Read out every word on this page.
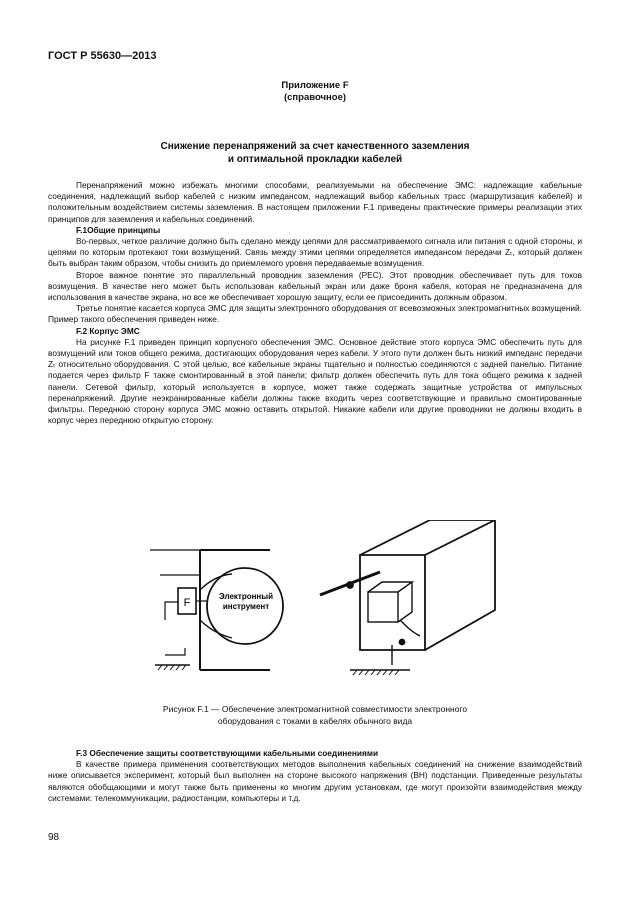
ГОСТ Р 55630—2013
Приложение F
(справочное)
Снижение перенапряжений за счет качественного заземления
и оптимальной прокладки кабелей

Перенапряжений можно избежать многими способами, реализуемыми на обеспечение ЭМС: надлежащие кабельные соединения, надлежащий выбор кабелей с низким импедансом, надлежащий выбор кабельных трасс (маршрутизация кабелей) и положительным воздействием системы заземления. В настоящем приложении F.1 приведены практические примеры реализации этих принципов для заземления и кабельных соединений.

F.1Общие принципы

Во-первых, четкое различие должно быть сделано между цепями для рассматриваемого сигнала или питания с одной стороны, и цепями по которым протекают токи возмущений. Связь между этими цепями определяется импедансом передачи Zₜ, который должен быть выбран таким образом, чтобы снизить до приемлемого уровня передаваемые возмущения.

Второе важное понятие это параллельный проводник заземления (PEC). Этот проводник обеспечивает путь для токов возмущения. В качестве него может быть использован кабельный экран или даже броня кабеля, которая не предназначена для использования в качестве экрана, но все же обеспечивает хорошую защиту, если ее присоединить должным образом.

Третье понятие касается корпуса ЭМС для защиты электронного оборудования от всевозможных электромагнитных возмущений. Пример такого обеспечения приведен ниже.

F.2 Корпус ЭМС

На рисунке F.1 приведен принцип корпусного обеспечения ЭМС. Основное действие этого корпуса ЭМС обеспечить путь для возмущений или токов общего режима, достигающих оборудования через кабели. У этого пути должен быть низкий импеданс передачи Zₜ относительно оборудования. С этой целью, все кабельные экраны тщательно и полностью соединяются с задней панелью. Питание подается через фильтр F также смонтированный в этой панели; фильтр должен обеспечить путь для тока общего режима к задней панели. Сетевой фильтр, который используется в корпусе, может также содержать защитные устройства от импульсных перенапряжений. Другие неэкранированные кабели должны также входить через соответствующие и правильно смонтированные фильтры. Переднюю сторону корпуса ЭМС можно оставить открытой. Никакие кабели или другие проводники не должны входить в корпус через переднюю открытую сторону.

F
Электронный
инструмент
Рисунок F.1 — Обеспечение электромагнитной совместимости электронного
оборудования с токами в кабелях обычного вида

F.3 Обеспечение защиты соответствующими кабельными соединениями

В качестве примера применения соответствующих методов выполнения кабельных соединений на снижение взаимодействий ниже описывается эксперимент, который был выполнен на стороне высокого напряжения (ВН) подстанции. Приведенные результаты являются обобщающими и могут также быть применены ко многим другим установкам, где могут произойти взаимодействия между системами: телекоммуникации, радиостанции, компьютеры и т.д.

98
